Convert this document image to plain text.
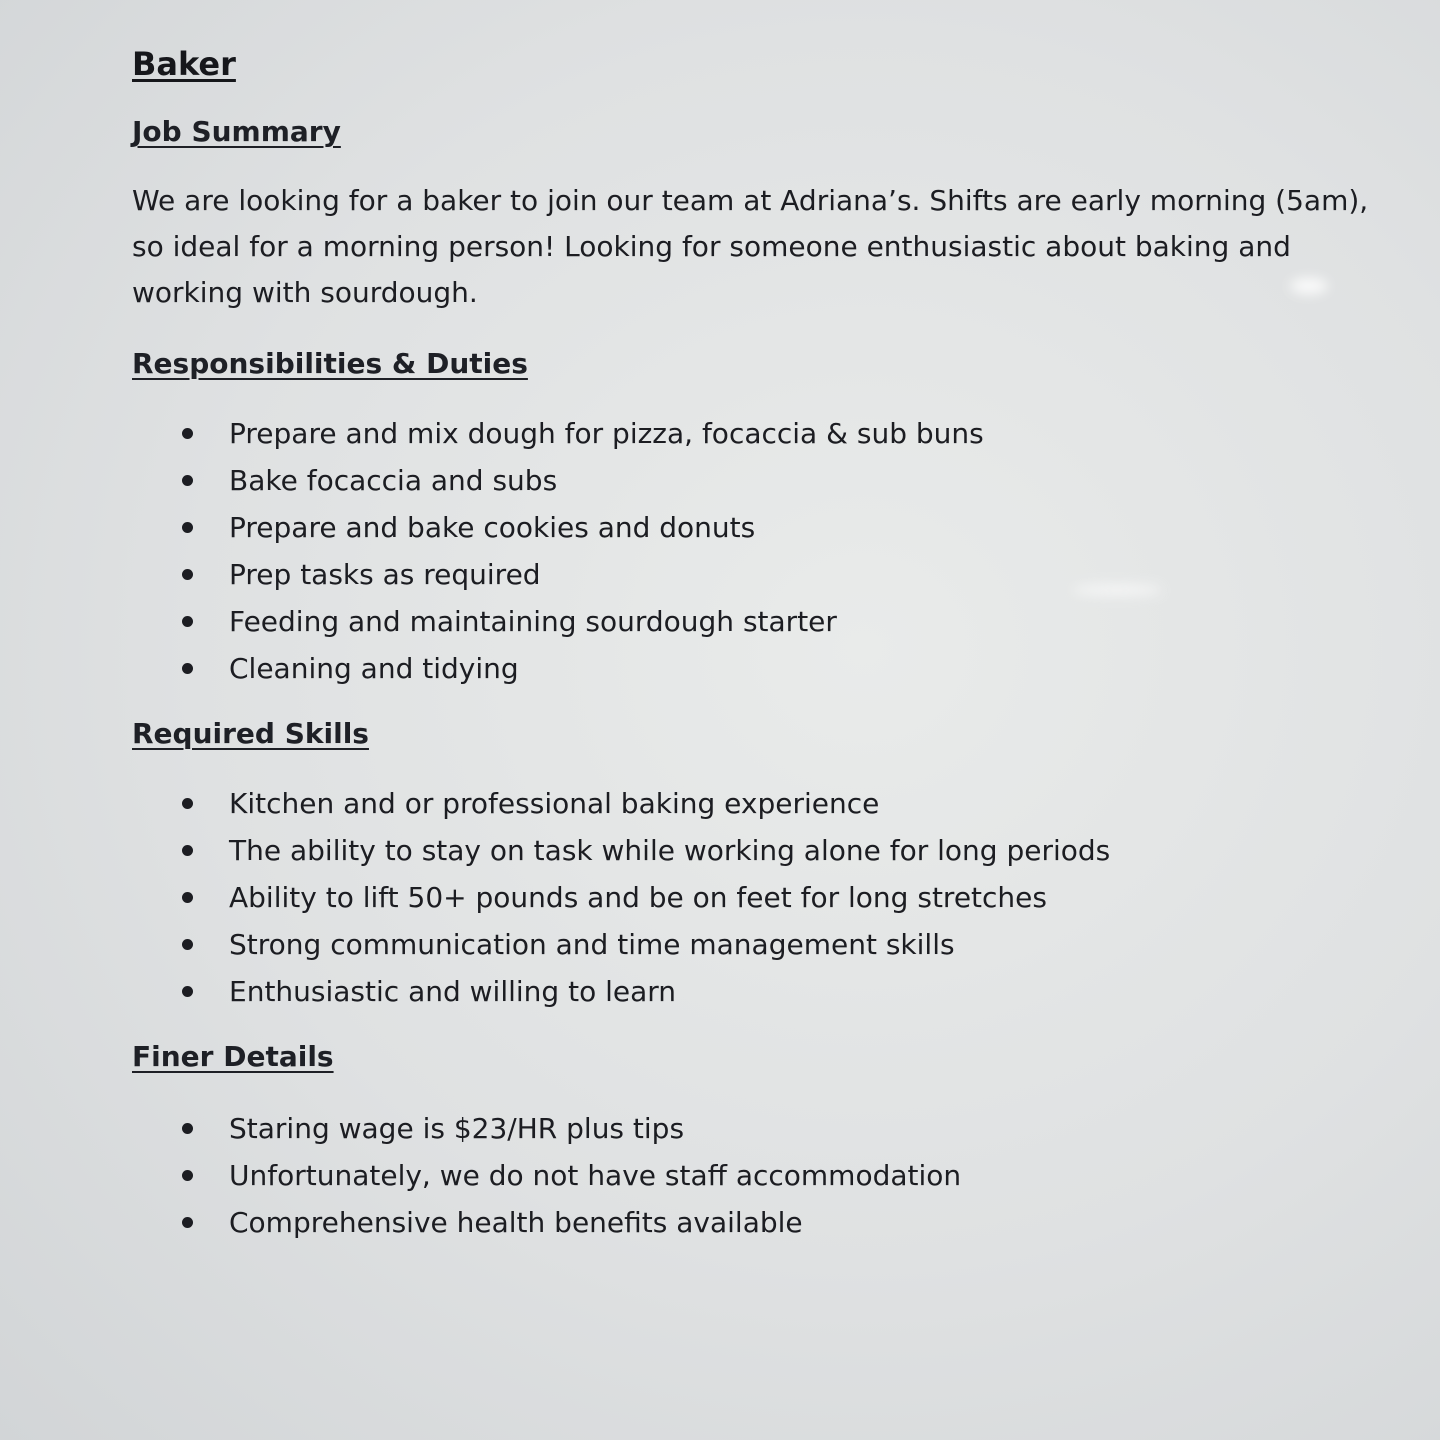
Baker
Job Summary

We are looking for a baker to join our team at Adriana’s. Shifts are early morning (5am), so ideal for a morning person! Looking for someone enthusiastic about baking and working with sourdough.

Responsibilities & Duties
Prepare and mix dough for pizza, focaccia & sub buns
Bake focaccia and subs
Prepare and bake cookies and donuts
Prep tasks as required
Feeding and maintaining sourdough starter
Cleaning and tidying
Required Skills
Kitchen and or professional baking experience
The ability to stay on task while working alone for long periods
Ability to lift 50+ pounds and be on feet for long stretches
Strong communication and time management skills
Enthusiastic and willing to learn
Finer Details
Staring wage is $23/HR plus tips
Unfortunately, we do not have staff accommodation
Comprehensive health benefits available
